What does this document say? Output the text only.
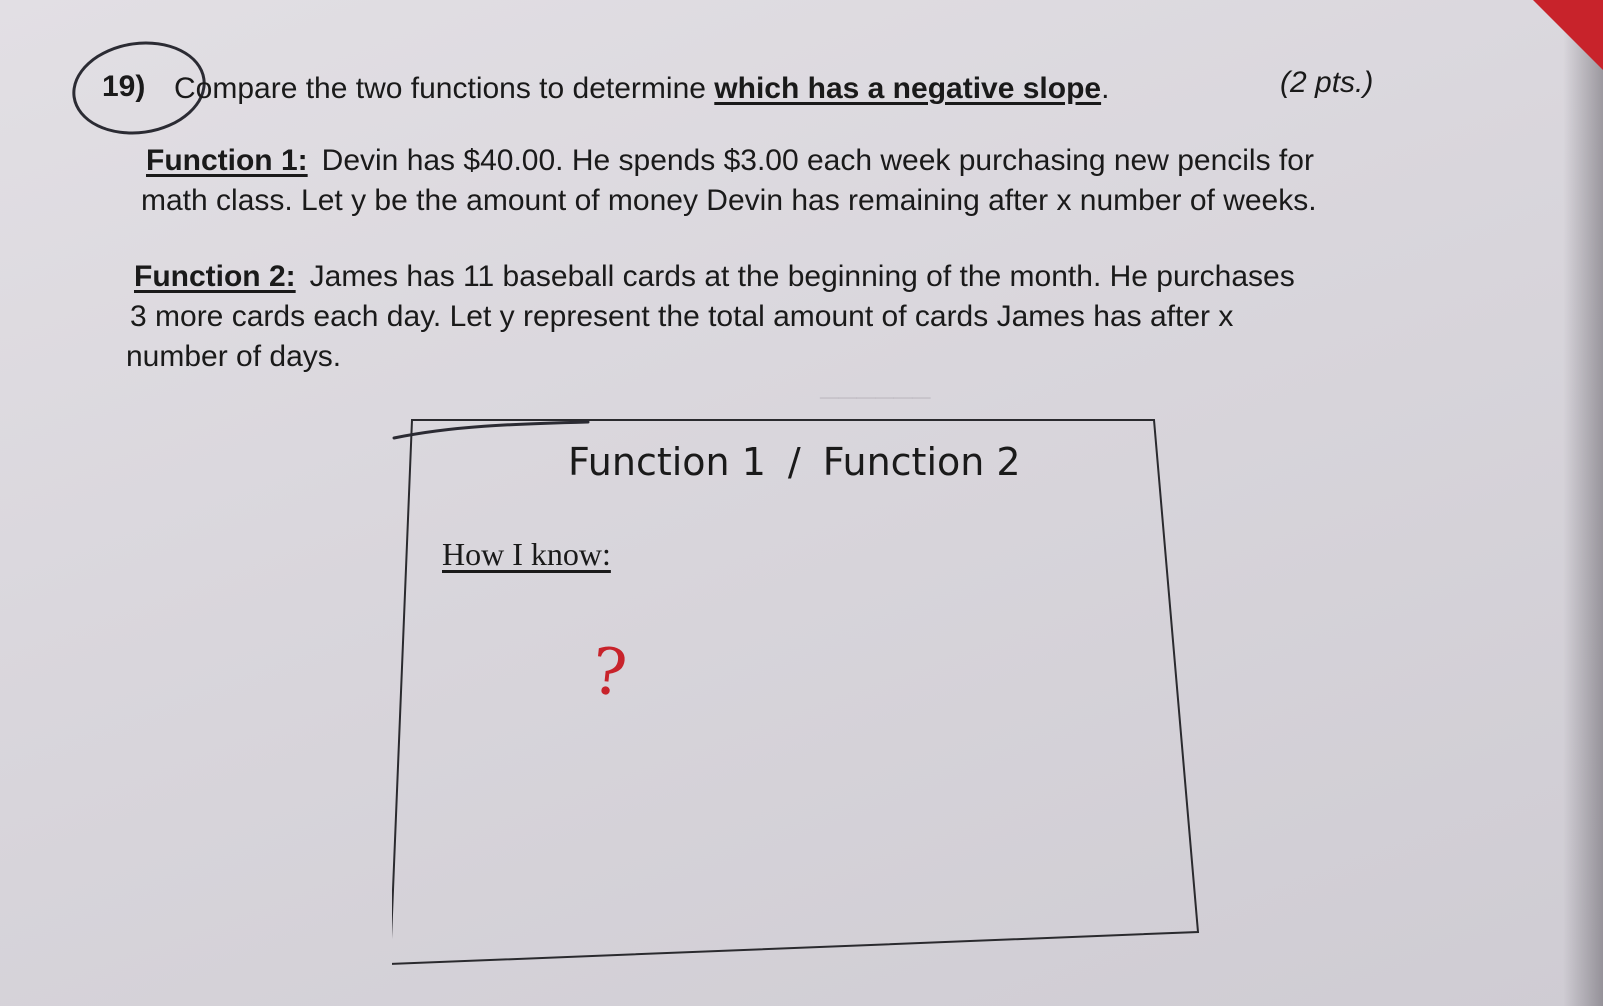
──────
19) Compare the two functions to determine which has a negative slope.	(2 pts.)
Function 1: Devin has $40.00. He spends $3.00 each week purchasing new pencils for
math class. Let y be the amount of money Devin has remaining after x number of weeks.
Function 2: James has 11 baseball cards at the beginning of the month. He purchases
3 more cards each day. Let y represent the total amount of cards James has after x
number of days.
Function 1 / Function 2
How I know:
?
